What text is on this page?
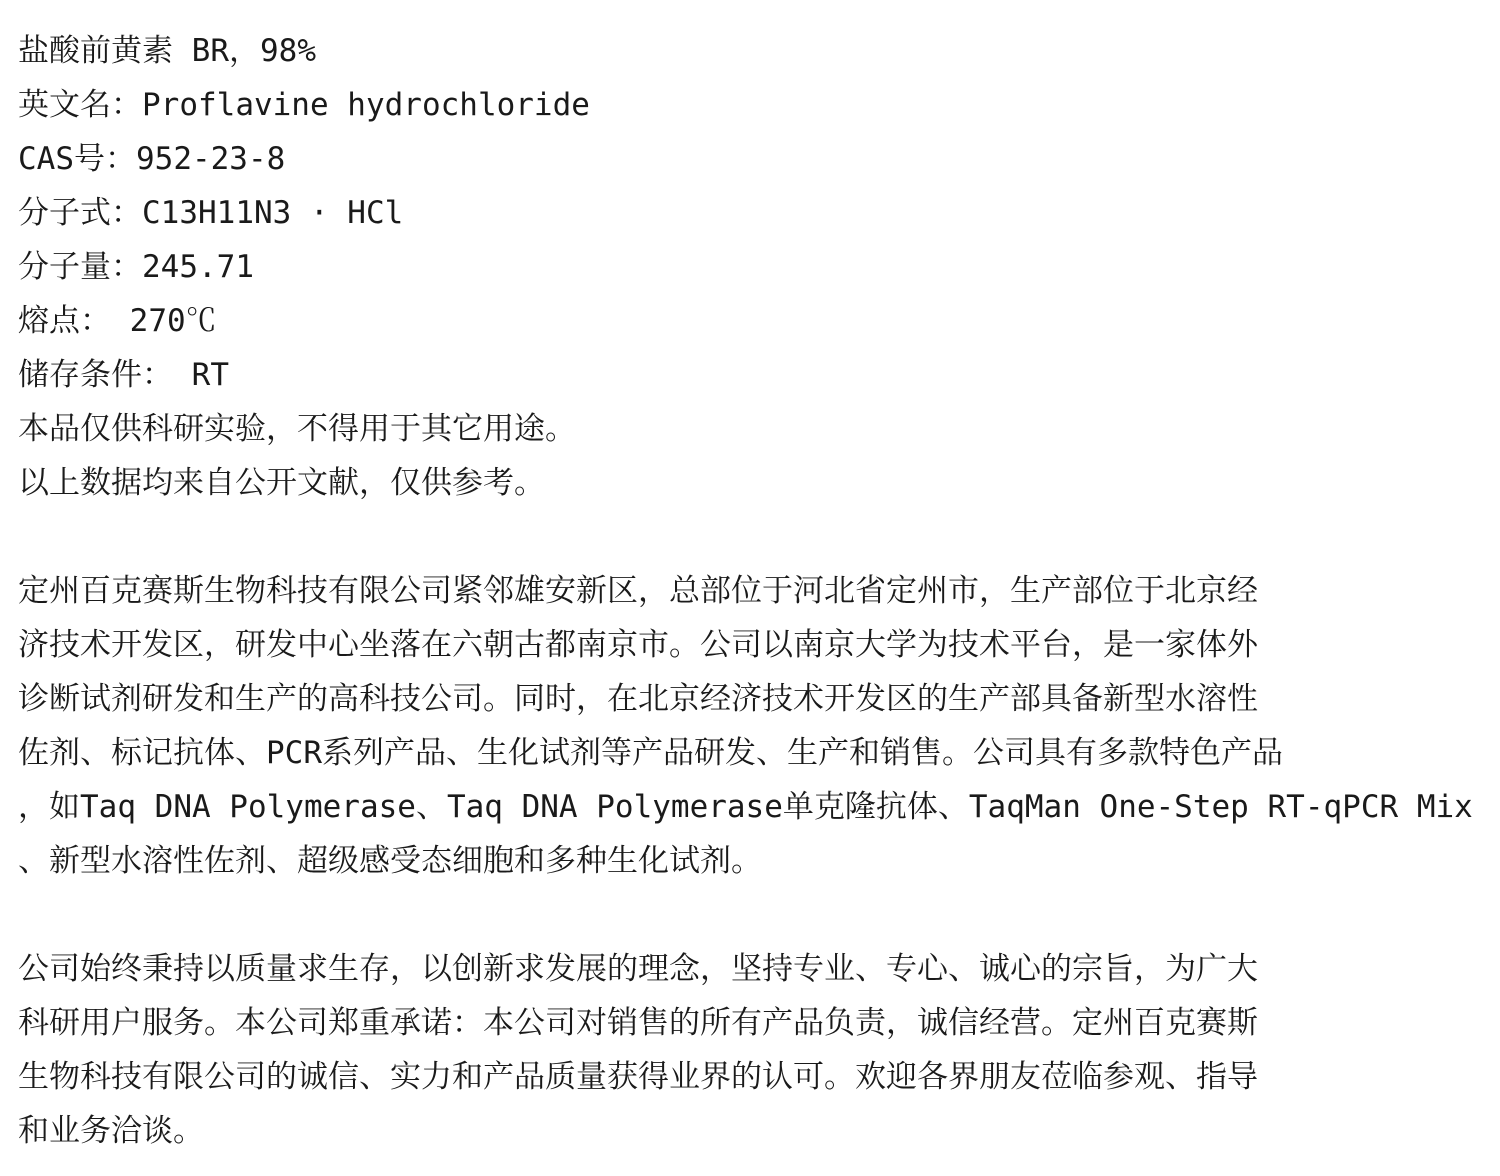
盐酸前黄素 BR，98%
英文名：Proflavine hydrochloride
CAS号：952-23-8
分子式：C13H11N3 · HCl
分子量：245.71
熔点： 270℃
储存条件： RT
本品仅供科研实验，不得用于其它用途。
以上数据均来自公开文献，仅供参考。
定州百克赛斯生物科技有限公司紧邻雄安新区，总部位于河北省定州市，生产部位于北京经
济技术开发区，研发中心坐落在六朝古都南京市。公司以南京大学为技术平台，是一家体外
诊断试剂研发和生产的高科技公司。同时，在北京经济技术开发区的生产部具备新型水溶性
佐剂、标记抗体、PCR系列产品、生化试剂等产品研发、生产和销售。公司具有多款特色产品
，如Taq DNA Polymerase、Taq DNA Polymerase单克隆抗体、TaqMan One-Step RT-qPCR Mix
、新型水溶性佐剂、超级感受态细胞和多种生化试剂。
公司始终秉持以质量求生存，以创新求发展的理念，坚持专业、专心、诚心的宗旨，为广大
科研用户服务。本公司郑重承诺：本公司对销售的所有产品负责，诚信经营。定州百克赛斯
生物科技有限公司的诚信、实力和产品质量获得业界的认可。欢迎各界朋友莅临参观、指导
和业务洽谈。
